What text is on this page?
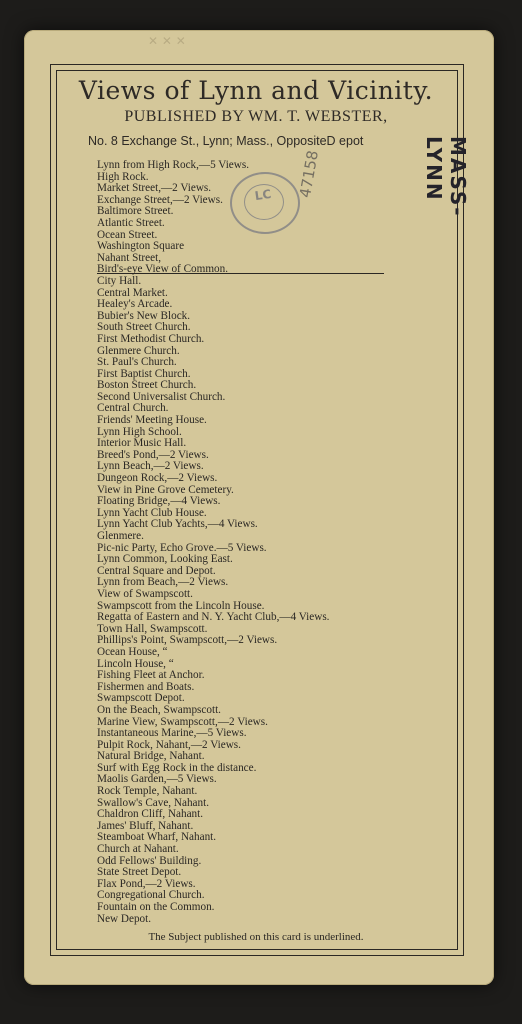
✕ ✕ ✕
Views of Lynn and Vicinity.
PUBLISHED BY WM. T. WEBSTER,
No. 8 Exchange St., Lynn; Mass., OppositeD epot
Lynn from High Rock,—5 Views.
High Rock.
Market Street,—2 Views.
Exchange Street,—2 Views.
Baltimore Street.
Atlantic Street.
Ocean Street.
Washington Square
Nahant Street,
Bird's-eye View of Common.
City Hall.
Central Market.
Healey's Arcade.
Bubier's New Block.
South Street Church.
First Methodist Church.
Glenmere Church.
St. Paul's Church.
First Baptist Church.
Boston Street Church.
Second Universalist Church.
Central Church.
Friends' Meeting House.
Lynn High School.
Interior Music Hall.
Breed's Pond,—2 Views.
Lynn Beach,—2 Views.
Dungeon Rock,—2 Views.
View in Pine Grove Cemetery.
Floating Bridge,—4 Views.
Lynn Yacht Club House.
Lynn Yacht Club Yachts,—4 Views.
Glenmere.
Pic-nic Party, Echo Grove.—5 Views.
Lynn Common, Looking East.
Central Square and Depot.
Lynn from Beach,—2 Views.
View of Swampscott.
Swampscott from the Lincoln House.
Regatta of Eastern and N. Y. Yacht Club,—4 Views.
Town Hall, Swampscott.
Phillips's Point, Swampscott,—2 Views.
Ocean House, “
Lincoln House, “
Fishing Fleet at Anchor.
Fishermen and Boats.
Swampscott Depot.
On the Beach, Swampscott.
Marine View, Swampscott,—2 Views.
Instantaneous Marine,—5 Views.
Pulpit Rock, Nahant,—2 Views.
Natural Bridge, Nahant.
Surf with Egg Rock in the distance.
Maolis Garden,—5 Views.
Rock Temple, Nahant.
Swallow's Cave, Nahant.
Chaldron Cliff, Nahant.
James' Bluff, Nahant.
Steamboat Wharf, Nahant.
Church at Nahant.
Odd Fellows' Building.
State Street Depot.
Flax Pond,—2 Views.
Congregational Church.
Fountain on the Common.
New Depot.
The Subject published on this card is underlined.
LC	47158	MASS-LYNN
